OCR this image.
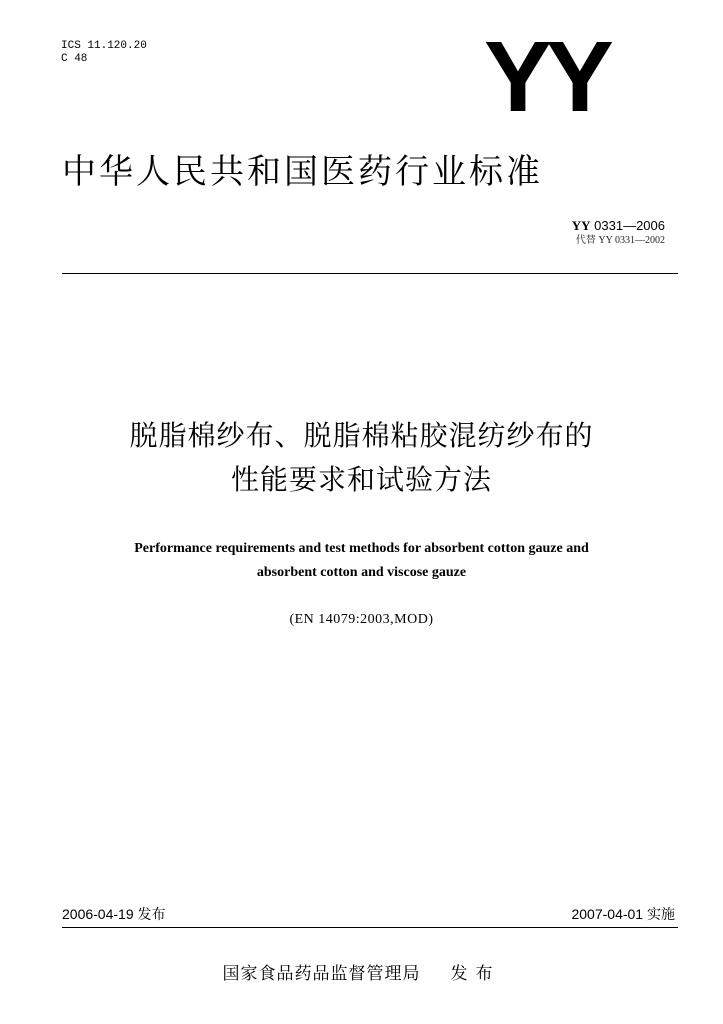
ICS 11.120.20
C 48	YY
中华人民共和国医药行业标准
YY 0331—2006
代替 YY 0331—2002
脱脂棉纱布、脱脂棉粘胶混纺纱布的
性能要求和试验方法
Performance requirements and test methods for absorbent cotton gauze and
absorbent cotton and viscose gauze
(EN 14079:2003,MOD)
2006-04-19 发布	2007-04-01 实施
国家食品药品监督管理局 发布
